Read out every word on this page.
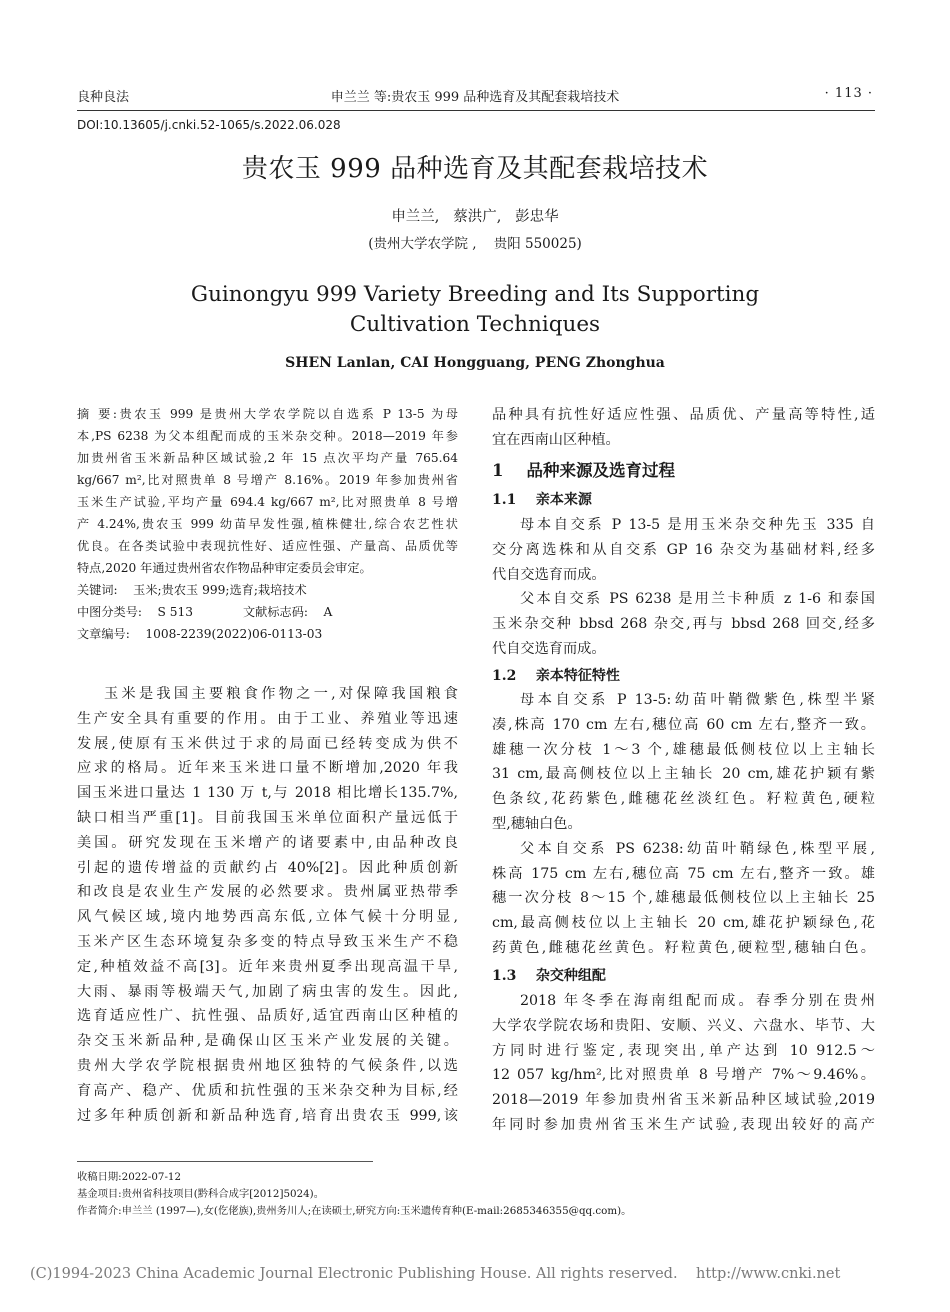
良种良法	申兰兰 等:贵农玉 999 品种选育及其配套栽培技术	· 113 ·
DOI:10.13605/j.cnki.52-1065/s.2022.06.028
贵农玉 999 品种选育及其配套栽培技术
申兰兰,   蔡洪广,   彭忠华
(贵州大学农学院 ,    贵阳 550025)
Guinongyu 999 Variety Breeding and Its Supporting
Cultivation Techniques
SHEN Lanlan, CAI Hongguang, PENG Zhonghua
摘 要:贵农玉 999 是贵州大学农学院以自选系 P 13-5 为母
本,PS 6238 为父本组配而成的玉米杂交种。2018—2019 年参
加贵州省玉米新品种区域试验,2 年 15 点次平均产量 765.64
kg/667 m²,比对照贵单 8 号增产 8.16%。2019 年参加贵州省
玉米生产试验,平均产量 694.4 kg/667 m²,比对照贵单 8 号增
产 4.24%,贵农玉 999 幼苗早发性强,植株健壮,综合农艺性状
优良。在各类试验中表现抗性好、适应性强、产量高、品质优等
特点,2020 年通过贵州省农作物品种审定委员会审定。
关键词:    玉米;贵农玉 999;选育;栽培技术
中图分类号:    S 513	文献标志码:    A
文章编号:    1008-2239(2022)06-0113-03
玉米是我国主要粮食作物之一,对保障我国粮食
生产安全具有重要的作用。由于工业、养殖业等迅速
发展,使原有玉米供过于求的局面已经转变成为供不
应求的格局。近年来玉米进口量不断增加,2020 年我
国玉米进口量达 1 130 万 t,与 2018 相比增长135.7%,
缺口相当严重[1]。目前我国玉米单位面积产量远低于
美国。研究发现在玉米增产的诸要素中,由品种改良
引起的遗传增益的贡献约占 40%[2]。因此种质创新
和改良是农业生产发展的必然要求。贵州属亚热带季
风气候区域,境内地势西高东低,立体气候十分明显,
玉米产区生态环境复杂多变的特点导致玉米生产不稳
定,种植效益不高[3]。近年来贵州夏季出现高温干旱,
大雨、暴雨等极端天气,加剧了病虫害的发生。因此,
选育适应性广、抗性强、品质好,适宜西南山区种植的
杂交玉米新品种,是确保山区玉米产业发展的关键。
贵州大学农学院根据贵州地区独特的气候条件,以选
育高产、稳产、优质和抗性强的玉米杂交种为目标,经
过多年种质创新和新品种选育,培育出贵农玉 999,该
品种具有抗性好适应性强、品质优、产量高等特性,适
宜在西南山区种植。
1    品种来源及选育过程
1.1    亲本来源
母本自交系 P 13-5 是用玉米杂交种先玉 335 自
交分离选株和从自交系 GP 16 杂交为基础材料,经多
代自交选育而成。
父本自交系 PS 6238 是用兰卡种质 z 1-6 和泰国
玉米杂交种 bbsd 268 杂交,再与 bbsd 268 回交,经多
代自交选育而成。
1.2    亲本特征特性
母本自交系 P 13-5:幼苗叶鞘微紫色,株型半紧
凑,株高 170 cm 左右,穗位高 60 cm 左右,整齐一致。
雄穗一次分枝 1～3 个,雄穗最低侧枝位以上主轴长
31 cm,最高侧枝位以上主轴长 20 cm,雄花护颖有紫
色条纹,花药紫色,雌穗花丝淡红色。籽粒黄色,硬粒
型,穗轴白色。
父本自交系 PS 6238:幼苗叶鞘绿色,株型平展,
株高 175 cm 左右,穗位高 75 cm 左右,整齐一致。雄
穗一次分枝 8～15 个,雄穗最低侧枝位以上主轴长 25
cm,最高侧枝位以上主轴长 20 cm,雄花护颖绿色,花
药黄色,雌穗花丝黄色。籽粒黄色,硬粒型,穗轴白色。
1.3    杂交种组配
2018 年冬季在海南组配而成。春季分别在贵州
大学农学院农场和贵阳、安顺、兴义、六盘水、毕节、大
方同时进行鉴定,表现突出,单产达到 10 912.5～
12 057 kg/hm²,比对照贵单 8 号增产 7%～9.46%。
2018—2019 年参加贵州省玉米新品种区域试验,2019
年同时参加贵州省玉米生产试验,表现出较好的高产
收稿日期:2022-07-12
基金项目:贵州省科技项目(黔科合成字[2012]5024)。
作者简介:申兰兰 (1997—),女(仡佬族),贵州务川人;在读硕士,研究方向:玉米遗传育种(E-mail:2685346355@qq.com)。
(C)1994-2023 China Academic Journal Electronic Publishing House. All rights reserved.    http://www.cnki.net
